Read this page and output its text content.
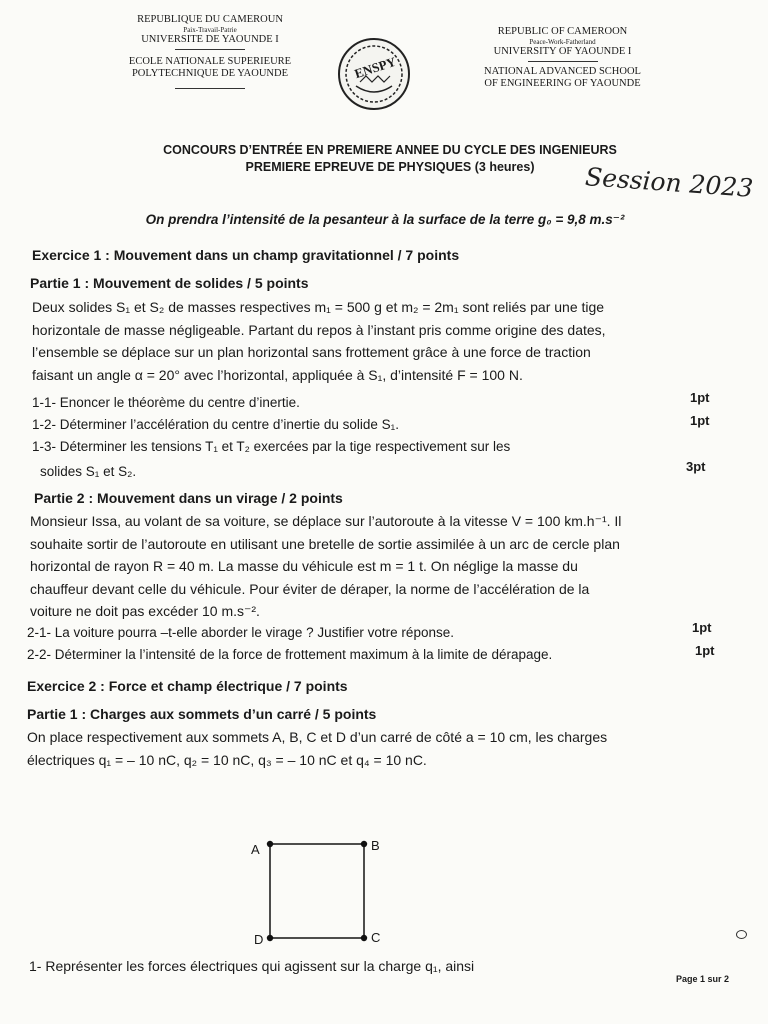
REPUBLIQUE DU CAMEROUN
Paix-Travail-Patrie
UNIVERSITE DE YAOUNDE I
ECOLE NATIONALE SUPERIEURE
POLYTECHNIQUE DE YAOUNDE	ENSPY
REPUBLIC OF CAMEROON
Peace-Work-Fatherland
UNIVERSITY OF YAOUNDE I
NATIONAL ADVANCED SCHOOL
OF ENGINEERING OF YAOUNDE
CONCOURS D’ENTRÉE EN PREMIERE ANNEE DU CYCLE DES INGENIEURS
PREMIERE EPREUVE DE PHYSIQUES (3 heures)	Session 2023
On prendra l’intensité de la pesanteur à la surface de la terre g₀ = 9,8 m.s⁻²
Exercice 1 : Mouvement dans un champ gravitationnel / 7 points
Partie 1 : Mouvement de solides / 5 points
Deux solides S₁ et S₂ de masses respectives m₁ = 500 g et m₂ = 2m₁ sont reliés par une tige
horizontale de masse négligeable. Partant du repos à l’instant pris comme origine des dates,
l’ensemble se déplace sur un plan horizontal sans frottement grâce à une force de traction
faisant un angle α = 20° avec l’horizontal, appliquée à S₁, d’intensité F = 100 N.
1-1- Enoncer le théorème du centre d’inertie.	1pt
1-2- Déterminer l’accélération du centre d’inertie du solide S₁.	1pt
1-3- Déterminer les tensions T₁ et T₂ exercées par la tige respectivement sur les
solides S₁ et S₂.	3pt
Partie 2 : Mouvement dans un virage / 2 points
Monsieur Issa, au volant de sa voiture, se déplace sur l’autoroute à la vitesse V = 100 km.h⁻¹. Il
souhaite sortir de l’autoroute en utilisant une bretelle de sortie assimilée à un arc de cercle plan
horizontal de rayon R = 40 m. La masse du véhicule est m = 1 t. On néglige la masse du
chauffeur devant celle du véhicule. Pour éviter de déraper, la norme de l’accélération de la
voiture ne doit pas excéder 10 m.s⁻².
2-1- La voiture pourra –t-elle aborder le virage ? Justifier votre réponse.	1pt
2-2- Déterminer la l’intensité de la force de frottement maximum à la limite de dérapage.	1pt
Exercice 2 : Force et champ électrique / 7 points
Partie 1 : Charges aux sommets d’un carré / 5 points
On place respectivement aux sommets A, B, C et D d’un carré de côté a = 10 cm, les charges
électriques q₁ = – 10 nC, q₂ = 10 nC, q₃ = – 10 nC et q₄ = 10 nC.
A	B
C
D
1- Représenter les forces électriques qui agissent sur la charge q₁, ainsi
Page 1 sur 2
